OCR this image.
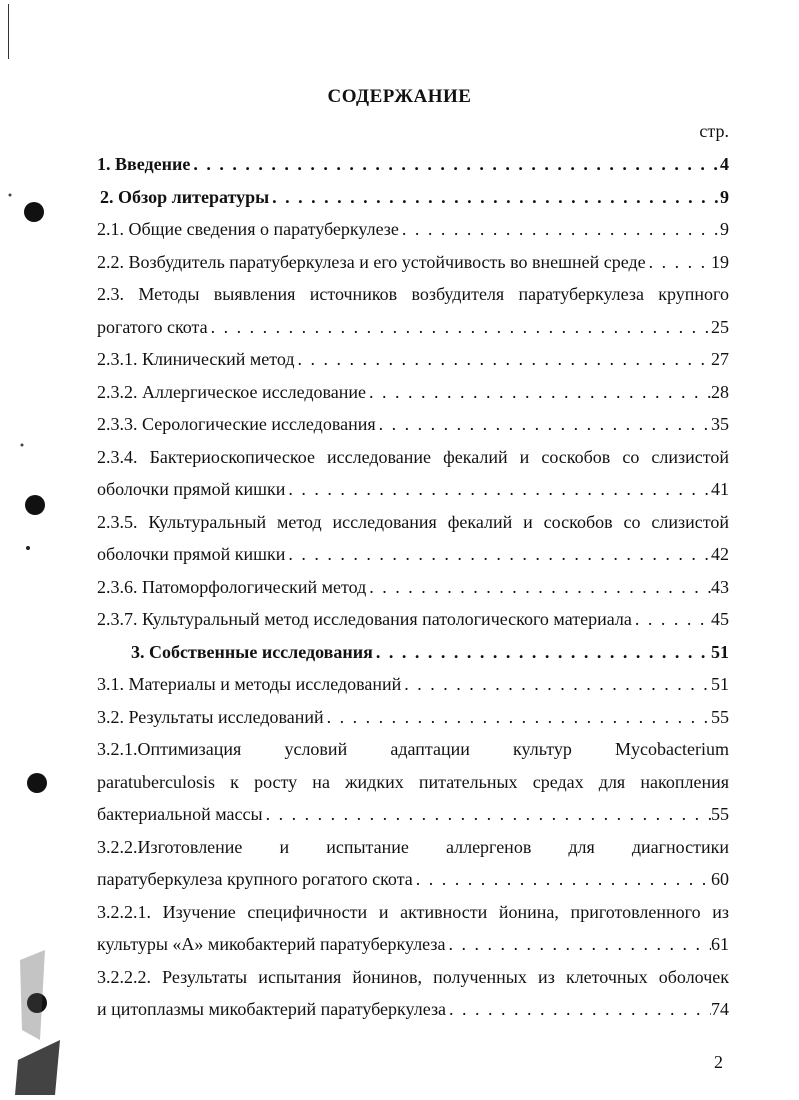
СОДЕРЖАНИЕ
стр.
1. Введение . . .	4
2. Обзор литературы . . .	9
2.1. Общие сведения о паратуберкулезе . . .	9
2.2. Возбудитель паратуберкулеза и его устойчивость во внешней среде . . .	19
2.3. Методы выявления источников возбудителя паратуберкулеза крупного
рогатого скота . . .	25
2.3.1. Клинический метод . . .	27
2.3.2. Аллергическое исследование . . .	28
2.3.3. Серологические исследования . . .	35
2.3.4. Бактериоскопическое исследование фекалий и соскобов со слизистой
оболочки прямой кишки . . .	41
2.3.5. Культуральный метод исследования фекалий и соскобов со слизистой
оболочки прямой кишки . . .	42
2.3.6. Патоморфологический метод . . .	43
2.3.7. Культуральный метод исследования патологического материала . . .	45
3. Собственные исследования . . .	51
3.1. Материалы и методы исследований . . .	51
3.2. Результаты исследований . . .	55
3.2.1.Оптимизация условий адаптации культур Mycobacterium
paratuberculosis к росту на жидких питательных средах для накопления
бактериальной массы . . .	55
3.2.2.Изготовление и испытание аллергенов для диагностики
паратуберкулеза крупного рогатого скота . . .	60
3.2.2.1. Изучение специфичности и активности йонина, приготовленного из
культуры «А» микобактерий паратуберкулеза . . .	61
3.2.2.2. Результаты испытания йонинов, полученных из клеточных оболочек
и цитоплазмы микобактерий паратуберкулеза . . .	74
2
